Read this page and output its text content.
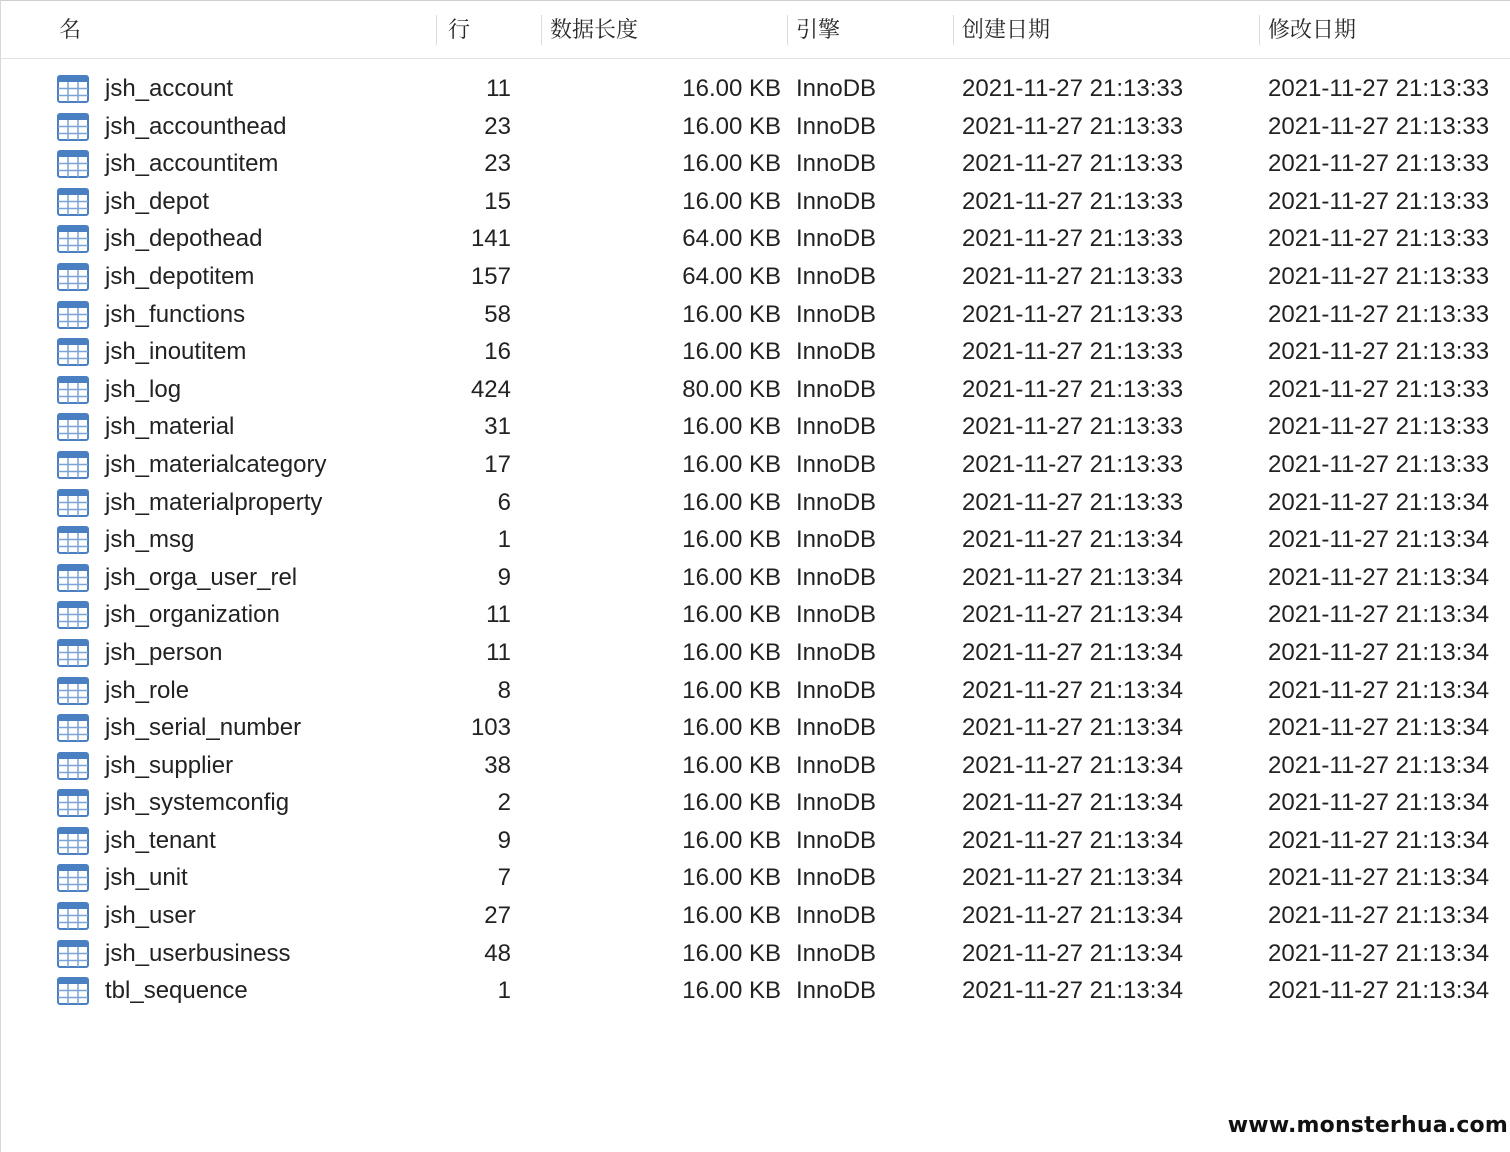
名	行	数据长度	引擎	创建日期	修改日期
jsh_account	11	16.00 KB InnoDB	2021-11-27 21:13:33	2021-11-27 21:13:33
jsh_accounthead	23	16.00 KB InnoDB	2021-11-27 21:13:33	2021-11-27 21:13:33
jsh_accountitem	23	16.00 KB InnoDB	2021-11-27 21:13:33	2021-11-27 21:13:33
jsh_depot	15	16.00 KB InnoDB	2021-11-27 21:13:33	2021-11-27 21:13:33
jsh_depothead	141	64.00 KB InnoDB	2021-11-27 21:13:33	2021-11-27 21:13:33
jsh_depotitem	157	64.00 KB InnoDB	2021-11-27 21:13:33	2021-11-27 21:13:33
jsh_functions	58	16.00 KB InnoDB	2021-11-27 21:13:33	2021-11-27 21:13:33
jsh_inoutitem	16	16.00 KB InnoDB	2021-11-27 21:13:33	2021-11-27 21:13:33
jsh_log	424	80.00 KB InnoDB	2021-11-27 21:13:33	2021-11-27 21:13:33
jsh_material	31	16.00 KB InnoDB	2021-11-27 21:13:33	2021-11-27 21:13:33
jsh_materialcategory	17	16.00 KB InnoDB	2021-11-27 21:13:33	2021-11-27 21:13:33
jsh_materialproperty	6	16.00 KB InnoDB	2021-11-27 21:13:33	2021-11-27 21:13:34
jsh_msg	1	16.00 KB InnoDB	2021-11-27 21:13:34	2021-11-27 21:13:34
jsh_orga_user_rel	9	16.00 KB InnoDB	2021-11-27 21:13:34	2021-11-27 21:13:34
jsh_organization	11	16.00 KB InnoDB	2021-11-27 21:13:34	2021-11-27 21:13:34
jsh_person	11	16.00 KB InnoDB	2021-11-27 21:13:34	2021-11-27 21:13:34
jsh_role	8	16.00 KB InnoDB	2021-11-27 21:13:34	2021-11-27 21:13:34
jsh_serial_number	103	16.00 KB InnoDB	2021-11-27 21:13:34	2021-11-27 21:13:34
jsh_supplier	38	16.00 KB InnoDB	2021-11-27 21:13:34	2021-11-27 21:13:34
jsh_systemconfig	2	16.00 KB InnoDB	2021-11-27 21:13:34	2021-11-27 21:13:34
jsh_tenant	9	16.00 KB InnoDB	2021-11-27 21:13:34	2021-11-27 21:13:34
jsh_unit	7	16.00 KB InnoDB	2021-11-27 21:13:34	2021-11-27 21:13:34
jsh_user	27	16.00 KB InnoDB	2021-11-27 21:13:34	2021-11-27 21:13:34
jsh_userbusiness	48	16.00 KB InnoDB	2021-11-27 21:13:34	2021-11-27 21:13:34
tbl_sequence	1	16.00 KB InnoDB	2021-11-27 21:13:34	2021-11-27 21:13:34
www.monsterhua.com
